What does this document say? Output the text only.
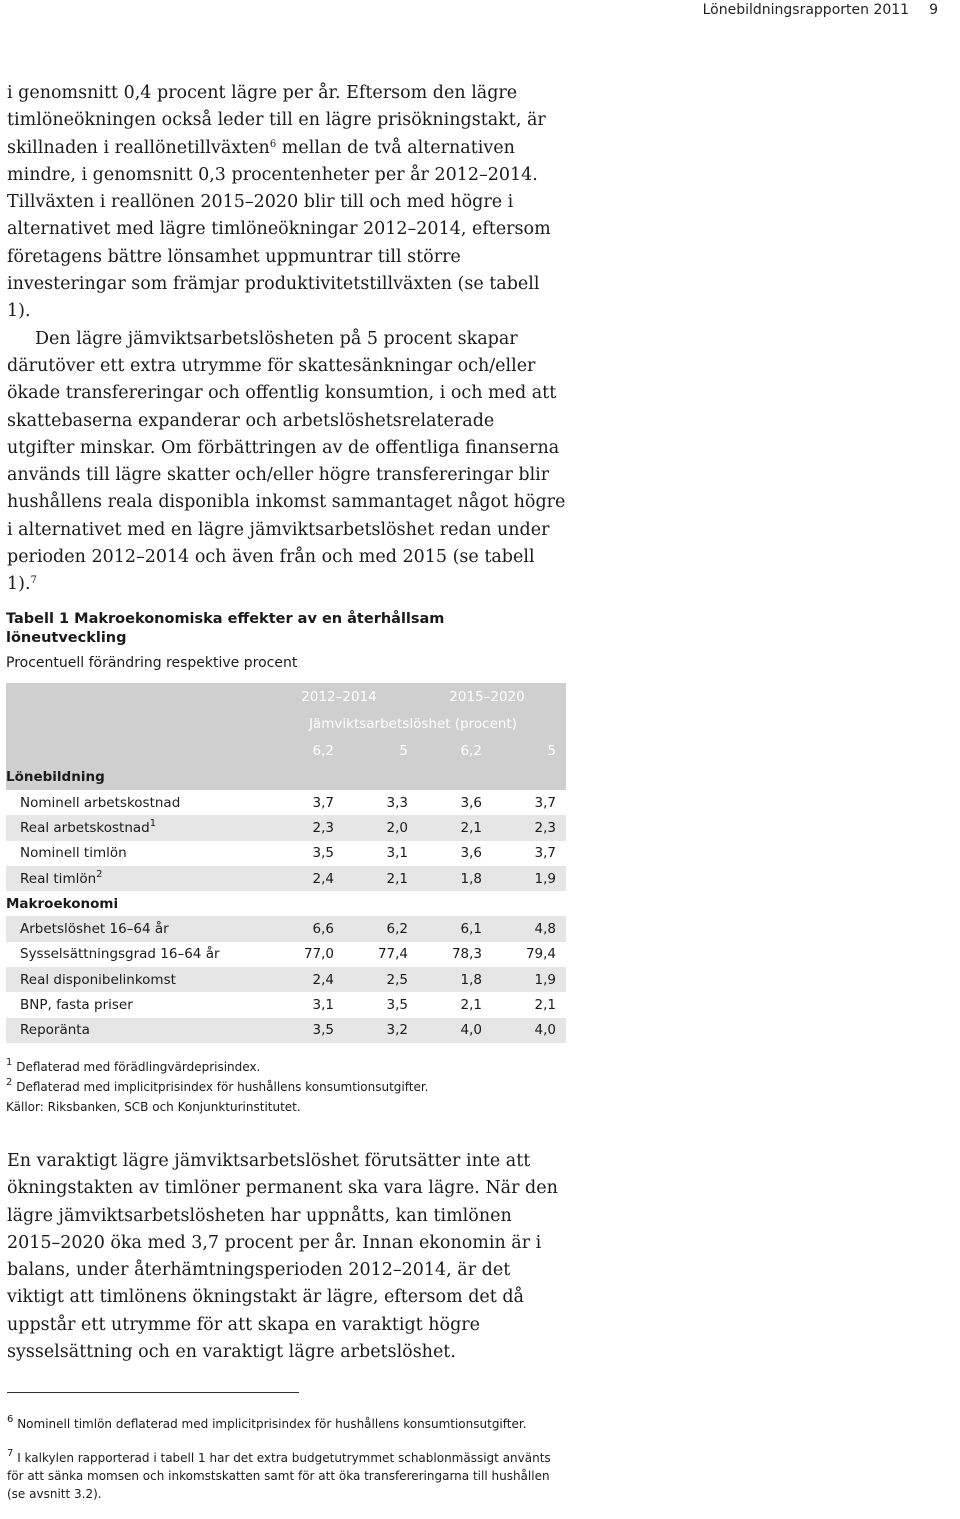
Lönebildningsrapporten 2011 9

i genomsnitt 0,4 procent lägre per år. Eftersom den lägre timlöneökningen också leder till en lägre prisökningstakt, är skillnaden i reallönetillväxten$^6$ mellan de två alternativen mindre, i genomsnitt 0,3 procentenheter per år 2012–2014. Tillväxten i reallönen 2015–2020 blir till och med högre i alternativet med lägre timlöneökningar 2012–2014, eftersom företagens bättre lönsamhet uppmuntrar till större investeringar som främjar produktivitetstillväxten (se tabell 1).

Den lägre jämviktsarbetslösheten på 5 procent skapar därutöver ett extra utrymme för skattesänkningar och/eller ökade transfereringar och offentlig konsumtion, i och med att skattebaserna expanderar och arbetslöshetsrelaterade utgifter minskar. Om förbättringen av de offentliga finanserna används till lägre skatter och/eller högre transfereringar blir hushållens reala disponibla inkomst sammantaget något högre i alternativet med en lägre jämviktsarbetslöshet redan under perioden 2012–2014 och även från och med 2015 (se tabell 1).$^7$

Tabell 1 Makroekonomiska effekter av en återhållsam löneutveckling
Procentuell förändring respektive procent
	2012–2014		2015–2020	
	Jämviktsarbetslöshet (procent)			
	6,2	5	6,2	5
Lönebildning				
Nominell arbetskostnad	3,7	3,3	3,6	3,7
Real arbetskostnad$^1$	2,3	2,0	2,1	2,3
Nominell timlön	3,5	3,1	3,6	3,7
Real timlön$^2$	2,4	2,1	1,8	1,9
Makroekonomi				
Arbetslöshet 16–64 år	6,6	6,2	6,1	4,8
Sysselsättningsgrad 16–64 år	77,0	77,4	78,3	79,4
Real disponibelinkomst	2,4	2,5	1,8	1,9
BNP, fasta priser	3,1	3,5	2,1	2,1
Reporänta	3,5	3,2	4,0	4,0
$^1$ Deflaterad med förädlingvärdeprisindex.
$^2$ Deflaterad med implicitprisindex för hushållens konsumtionsutgifter.
Källor: Riksbanken, SCB och Konjunkturinstitutet.

En varaktigt lägre jämviktsarbetslöshet förutsätter inte att ökningstakten av timlöner permanent ska vara lägre. När den lägre jämviktsarbetslösheten har uppnåtts, kan timlönen 2015–2020 öka med 3,7 procent per år. Innan ekonomin är i balans, under återhämtningsperioden 2012–2014, är det viktigt att timlönens ökningstakt är lägre, eftersom det då uppstår ett utrymme för att skapa en varaktigt högre sysselsättning och en varaktigt lägre arbetslöshet.

$^6$ Nominell timlön deflaterad med implicitprisindex för hushållens konsumtionsutgifter.
$^7$ I kalkylen rapporterad i tabell 1 har det extra budgetutrymmet schablonmässigt använts för att sänka momsen och inkomstskatten samt för att öka transfereringarna till hushållen (se avsnitt 3.2).
